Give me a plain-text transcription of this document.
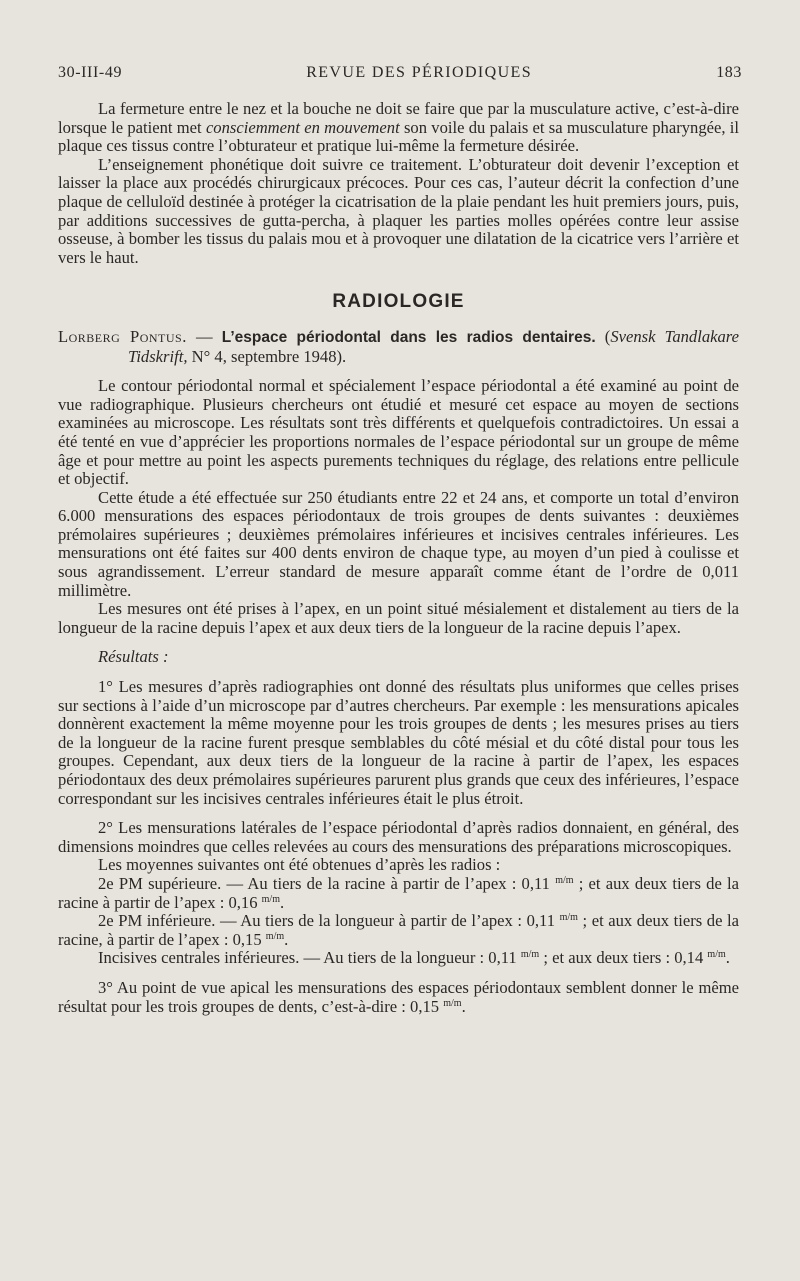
30-III-49	REVUE DES PÉRIODIQUES	183

La fermeture entre le nez et la bouche ne doit se faire que par la musculature active, c’est-à-dire lorsque le patient met consciemment en mouvement son voile du palais et sa musculature pharyngée, il plaque ces tissus contre l’obturateur et pratique lui-même la fermeture désirée.

L’enseignement phonétique doit suivre ce traitement. L’obturateur doit devenir l’exception et laisser la place aux procédés chirurgicaux précoces. Pour ces cas, l’auteur décrit la confection d’une plaque de celluloïd destinée à protéger la cicatrisation de la plaie pendant les huit premiers jours, puis, par additions successives de gutta-percha, à plaquer les parties molles opérées contre leur assise osseuse, à bomber les tissus du palais mou et à provoquer une dilatation de la cicatrice vers l’arrière et vers le haut.

RADIOLOGIE

Lorberg Pontus. — L’espace périodontal dans les radios dentaires. (Svensk Tandlakare Tidskrift, N° 4, septembre 1948).

Le contour périodontal normal et spécialement l’espace périodontal a été examiné au point de vue radiographique. Plusieurs chercheurs ont étudié et mesuré cet espace au moyen de sections examinées au microscope. Les résultats sont très différents et quelquefois contradictoires. Un essai a été tenté en vue d’apprécier les proportions normales de l’espace périodontal sur un groupe de même âge et pour mettre au point les aspects purements techniques du réglage, des relations entre pellicule et objectif.

Cette étude a été effectuée sur 250 étudiants entre 22 et 24 ans, et comporte un total d’environ 6.000 mensurations des espaces périodontaux de trois groupes de dents suivantes : deuxièmes prémolaires supérieures ; deuxièmes prémolaires inférieures et incisives centrales inférieures. Les mensurations ont été faites sur 400 dents environ de chaque type, au moyen d’un pied à coulisse et sous agrandissement. L’erreur standard de mesure apparaît comme étant de l’ordre de 0,011 millimètre.

Les mesures ont été prises à l’apex, en un point situé mésialement et distalement au tiers de la longueur de la racine depuis l’apex et aux deux tiers de la longueur de la racine depuis l’apex.

Résultats :

1° Les mesures d’après radiographies ont donné des résultats plus uniformes que celles prises sur sections à l’aide d’un microscope par d’autres chercheurs. Par exemple : les mensurations apicales donnèrent exactement la même moyenne pour les trois groupes de dents ; les mesures prises au tiers de la longueur de la racine furent presque semblables du côté mésial et du côté distal pour tous les groupes. Cependant, aux deux tiers de la longueur de la racine à partir de l’apex, les espaces périodontaux des deux prémolaires supérieures parurent plus grands que ceux des inférieures, l’espace correspondant sur les incisives centrales inférieures était le plus étroit.

2° Les mensurations latérales de l’espace périodontal d’après radios donnaient, en général, des dimensions moindres que celles relevées au cours des mensurations des préparations microscopiques.

Les moyennes suivantes ont été obtenues d’après les radios :

2e PM supérieure. — Au tiers de la racine à partir de l’apex : 0,11 $^{m/m}$ ; et aux deux tiers de la racine à partir de l’apex : 0,16 $^{m/m}$.

2e PM inférieure. — Au tiers de la longueur à partir de l’apex : 0,11 $^{m/m}$ ; et aux deux tiers de la racine, à partir de l’apex : 0,15 $^{m/m}$.

Incisives centrales inférieures. — Au tiers de la longueur : 0,11 $^{m/m}$ ; et aux deux tiers : 0,14 $^{m/m}$.

3° Au point de vue apical les mensurations des espaces périodontaux semblent donner le même résultat pour les trois groupes de dents, c’est-à-dire : 0,15 $^{m/m}$.
